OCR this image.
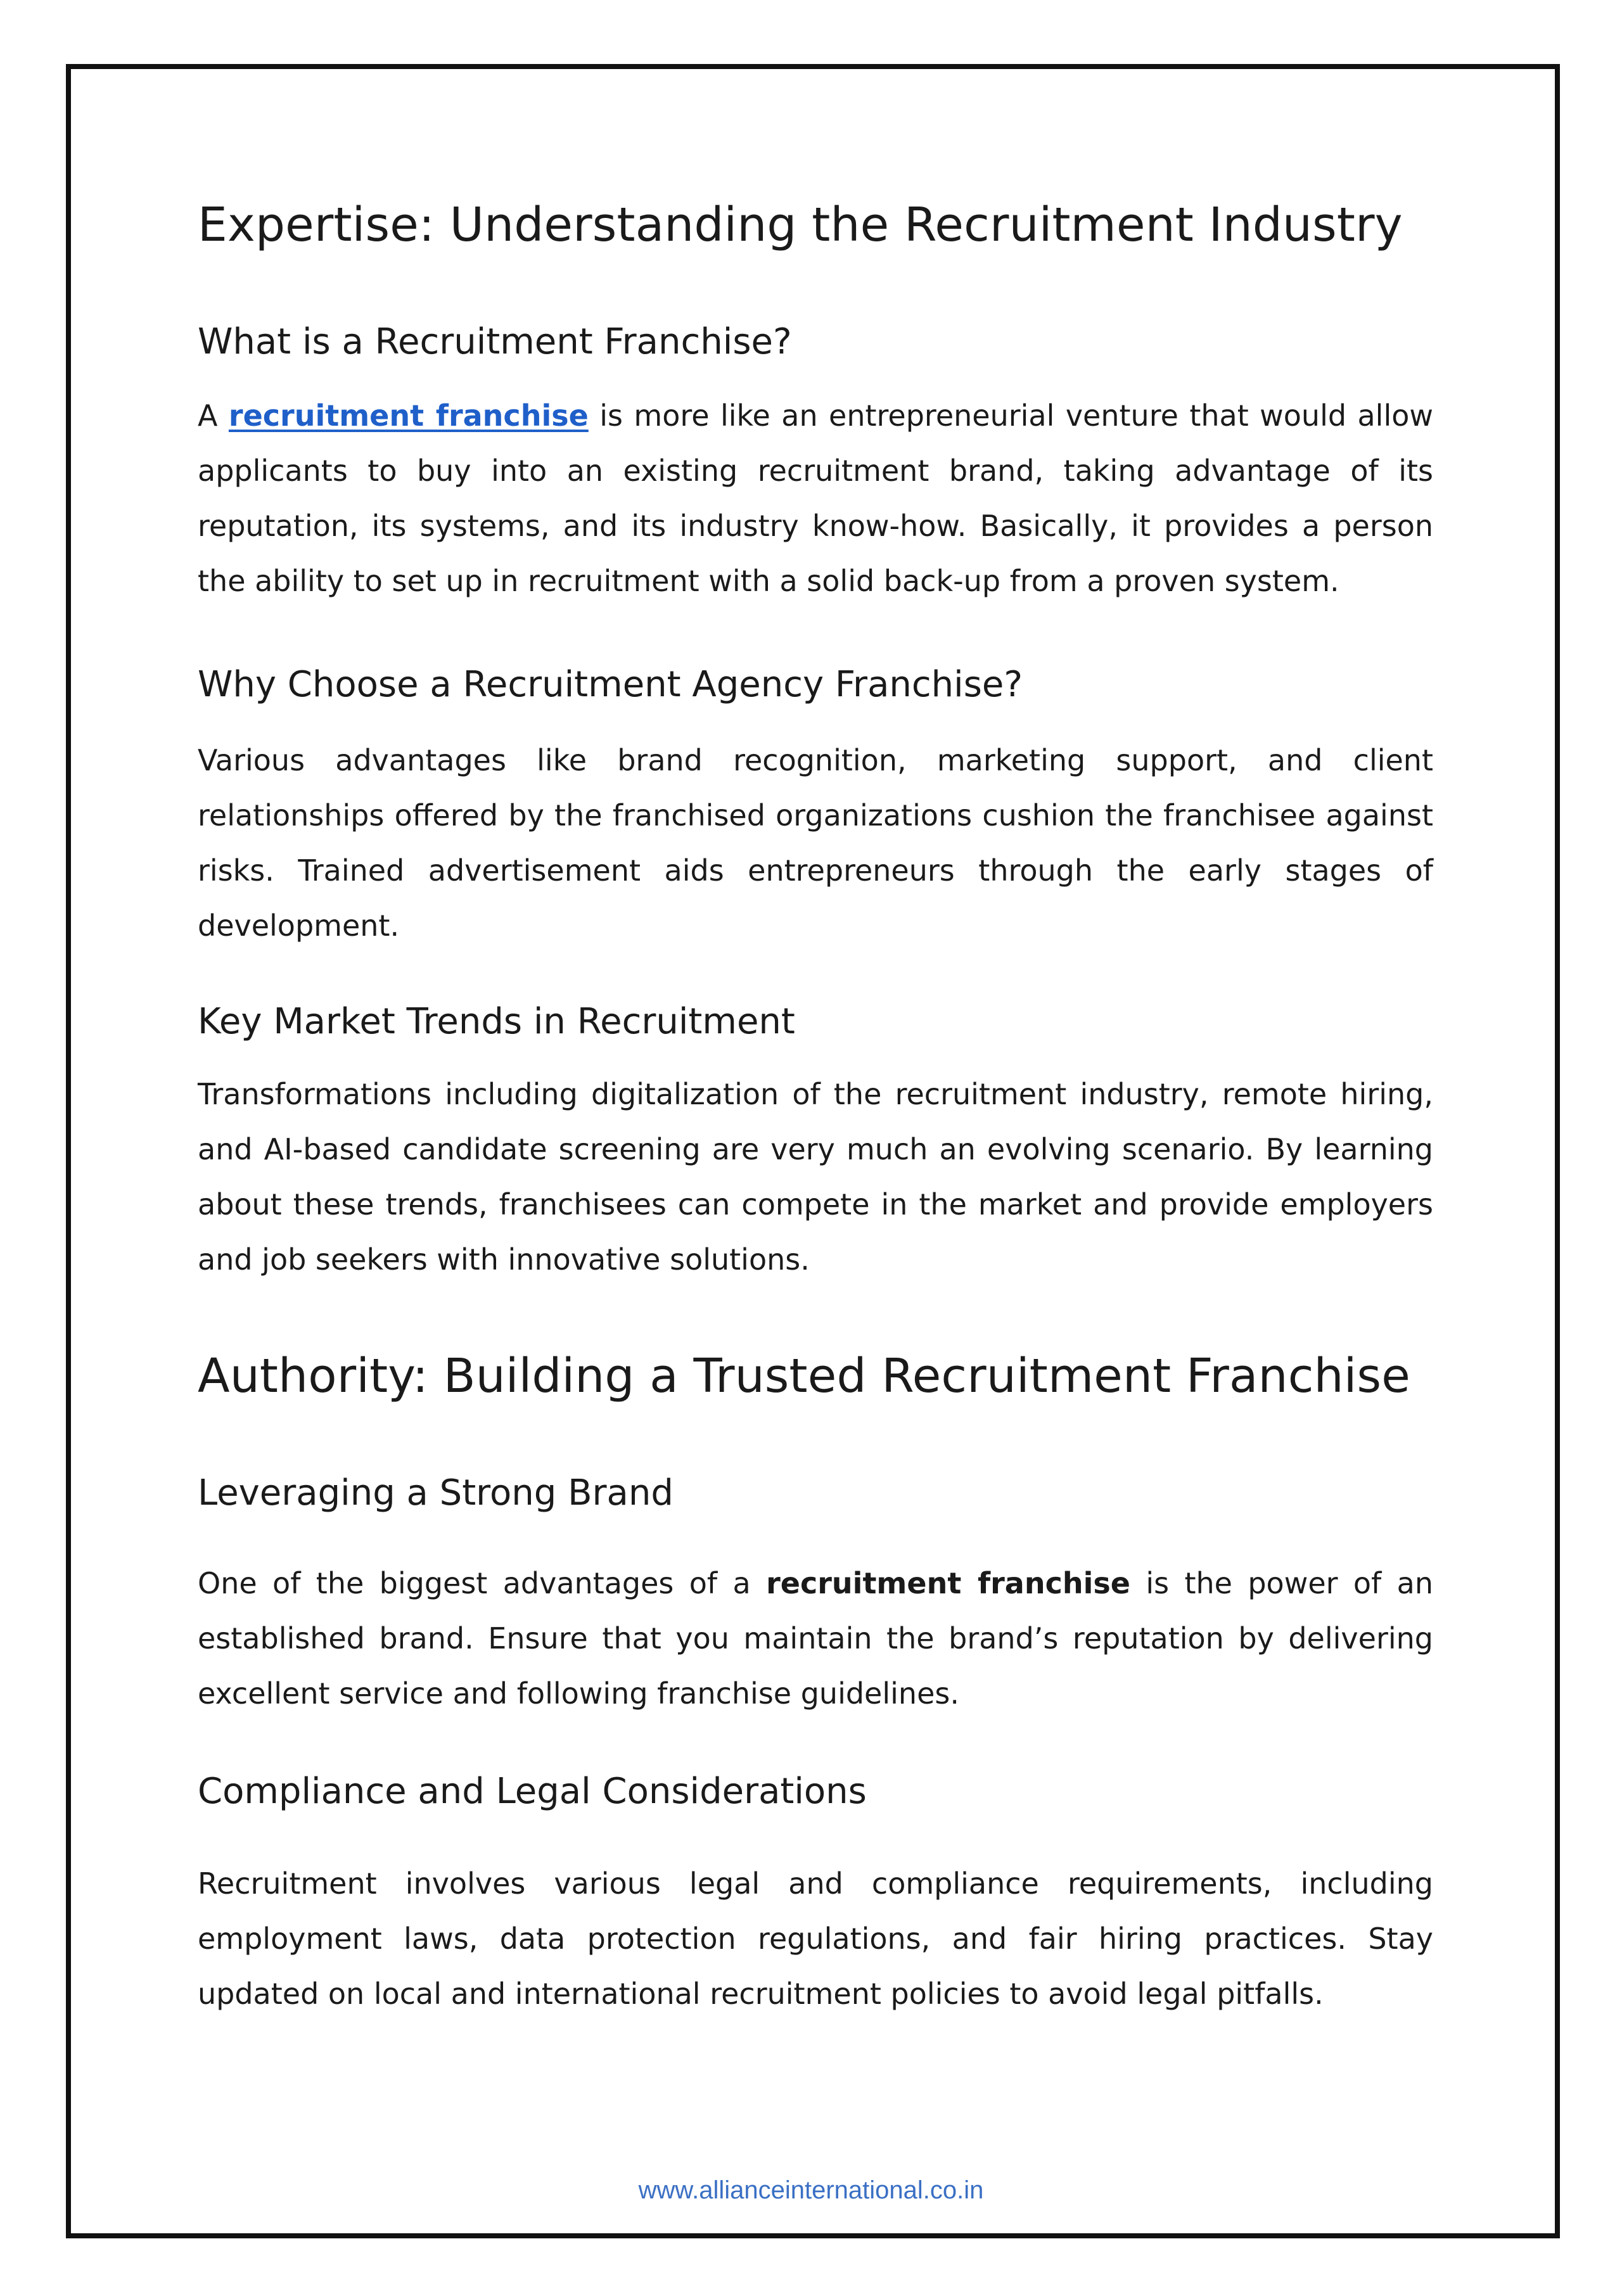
Expertise: Understanding the Recruitment Industry
What is a Recruitment Franchise?

A recruitment franchise is more like an entrepreneurial venture that would allow applicants to buy into an existing recruitment brand, taking advantage of its reputation, its systems, and its industry know-how. Basically, it provides a person the ability to set up in recruitment with a solid back-up from a proven system.

Why Choose a Recruitment Agency Franchise?

Various advantages like brand recognition, marketing support, and client relationships offered by the franchised organizations cushion the franchisee against risks. Trained advertisement aids entrepreneurs through the early stages of development.

Key Market Trends in Recruitment

Transformations including digitalization of the recruitment industry, remote hiring, and AI-based candidate screening are very much an evolving scenario. By learning about these trends, franchisees can compete in the market and provide employers and job seekers with innovative solutions.

Authority: Building a Trusted Recruitment Franchise
Leveraging a Strong Brand

One of the biggest advantages of a recruitment franchise is the power of an established brand. Ensure that you maintain the brand’s reputation by delivering excellent service and following franchise guidelines.

Compliance and Legal Considerations

Recruitment involves various legal and compliance requirements, including employment laws, data protection regulations, and fair hiring practices. Stay updated on local and international recruitment policies to avoid legal pitfalls.

www.allianceinternational.co.in
